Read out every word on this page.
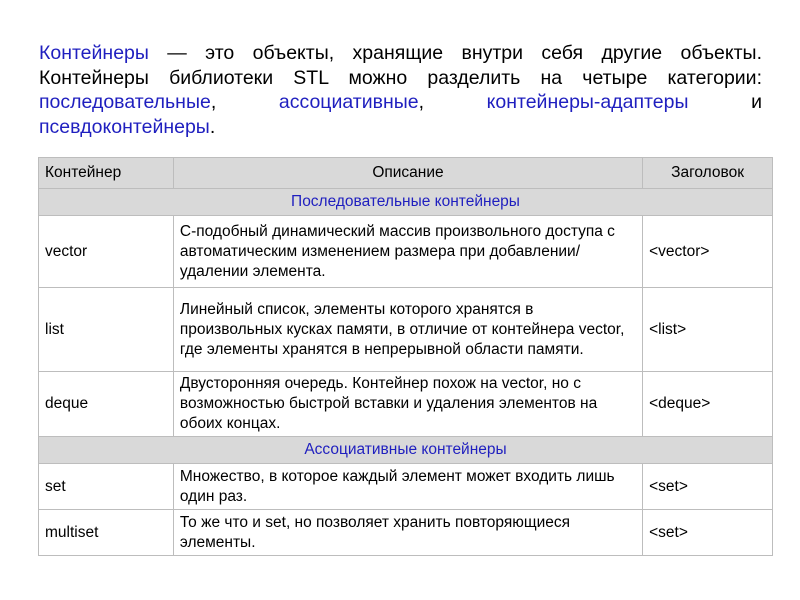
Контейнеры — это объекты, хранящие внутри себя другие объекты. Контейнеры библиотеки STL можно разделить на четыре категории: последовательные, ассоциативные, контейнеры-адаптеры и псевдоконтейнеры.
Контейнер	Описание	Заголовок
Последовательные контейнеры		
vector	С-подобный динамический массив произвольного доступа с автоматическим изменением размера при добавлении/удалении элемента.	<vector>
list	Линейный список, элементы которого хранятся в произвольных кусках памяти, в отличие от контейнера vector, где элементы хранятся в непрерывной области памяти.	<list>
deque	Двусторонняя очередь. Контейнер похож на vector, но с возможностью быстрой вставки и удаления элементов на обоих концах.	<deque>
Ассоциативные контейнеры		
set	Множество, в которое каждый элемент может входить лишь один раз.	<set>
multiset	То же что и set, но позволяет хранить повторяющиеся элементы.	<set>
